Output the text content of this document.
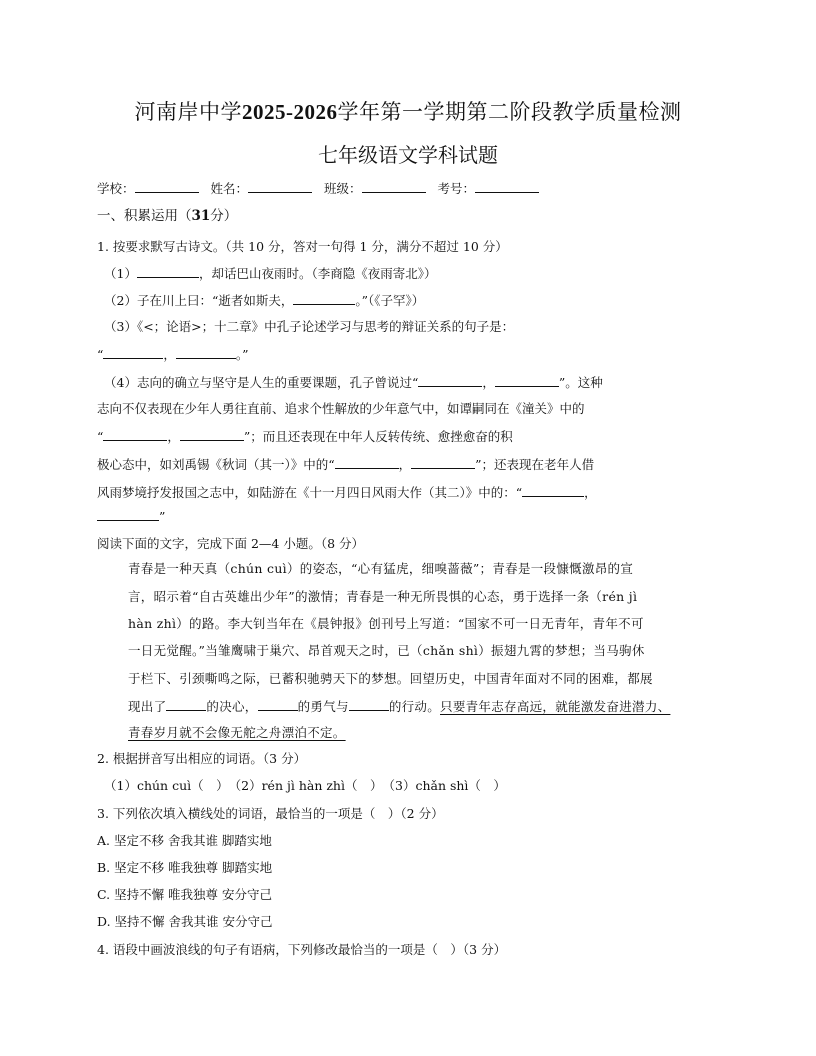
河南岸中学2025-2026学年第一学期第二阶段教学质量检测
七年级语文学科试题
学校：	姓名：	班级：	考号：
一、积累运用（31分）
1. 按要求默写古诗文。（共 10 分，答对一句得 1 分，满分不超过 10 分）
（1）	，却话巴山夜雨时。（李商隐《夜雨寄北》）
（2）子在川上曰：“逝者如斯夫，	。”（《子罕》）
（3）《<；论语>；十二章》中孔子论述学习与思考的辩证关系的句子是：
“	，	。”
（4）志向的确立与坚守是人生的重要课题，孔子曾说过“	，	”。这种
志向不仅表现在少年人勇往直前、追求个性解放的少年意气中，如谭嗣同在《潼关》中的
“	，	”；而且还表现在中年人反转传统、愈挫愈奋的积
极心态中，如刘禹锡《秋词（其一）》中的“	，	”；还表现在老年人借
风雨梦境抒发报国之志中，如陆游在《十一月四日风雨大作（其二）》中的：“	，
”
阅读下面的文字，完成下面 2—4 小题。（8 分）
青春是一种天真（chún cuì）的姿态，“心有猛虎，细嗅蔷薇”；青春是一段慷慨激昂的宣
言，昭示着“自古英雄出少年”的激情；青春是一种无所畏惧的心态，勇于选择一条（rén jì
hàn zhì）的路。李大钊当年在《晨钟报》创刊号上写道：“国家不可一日无青年，青年不可
一日无觉醒。”当雏鹰啸于巢穴、昂首观天之时，已（chǎn shì）振翅九霄的梦想；当马驹休
于栏下、引颈嘶鸣之际，已蓄积驰骋天下的梦想。回望历史，中国青年面对不同的困难，都展
现出了	的决心，	的勇气与	的行动。只要青年志存高远，就能激发奋进潜力、
青春岁月就不会像无舵之舟漂泊不定。
2. 根据拼音写出相应的词语。（3 分）
（1）chún cuì（　）　（2）rén jì hàn zhì（　）　（3）chǎn shì（　）
3. 下列依次填入横线处的词语，最恰当的一项是（　）（2 分）
A. 坚定不移 舍我其谁 脚踏实地
B. 坚定不移 唯我独尊 脚踏实地
C. 坚持不懈 唯我独尊 安分守己
D. 坚持不懈 舍我其谁 安分守己
4. 语段中画波浪线的句子有语病，下列修改最恰当的一项是（　）（3 分）
